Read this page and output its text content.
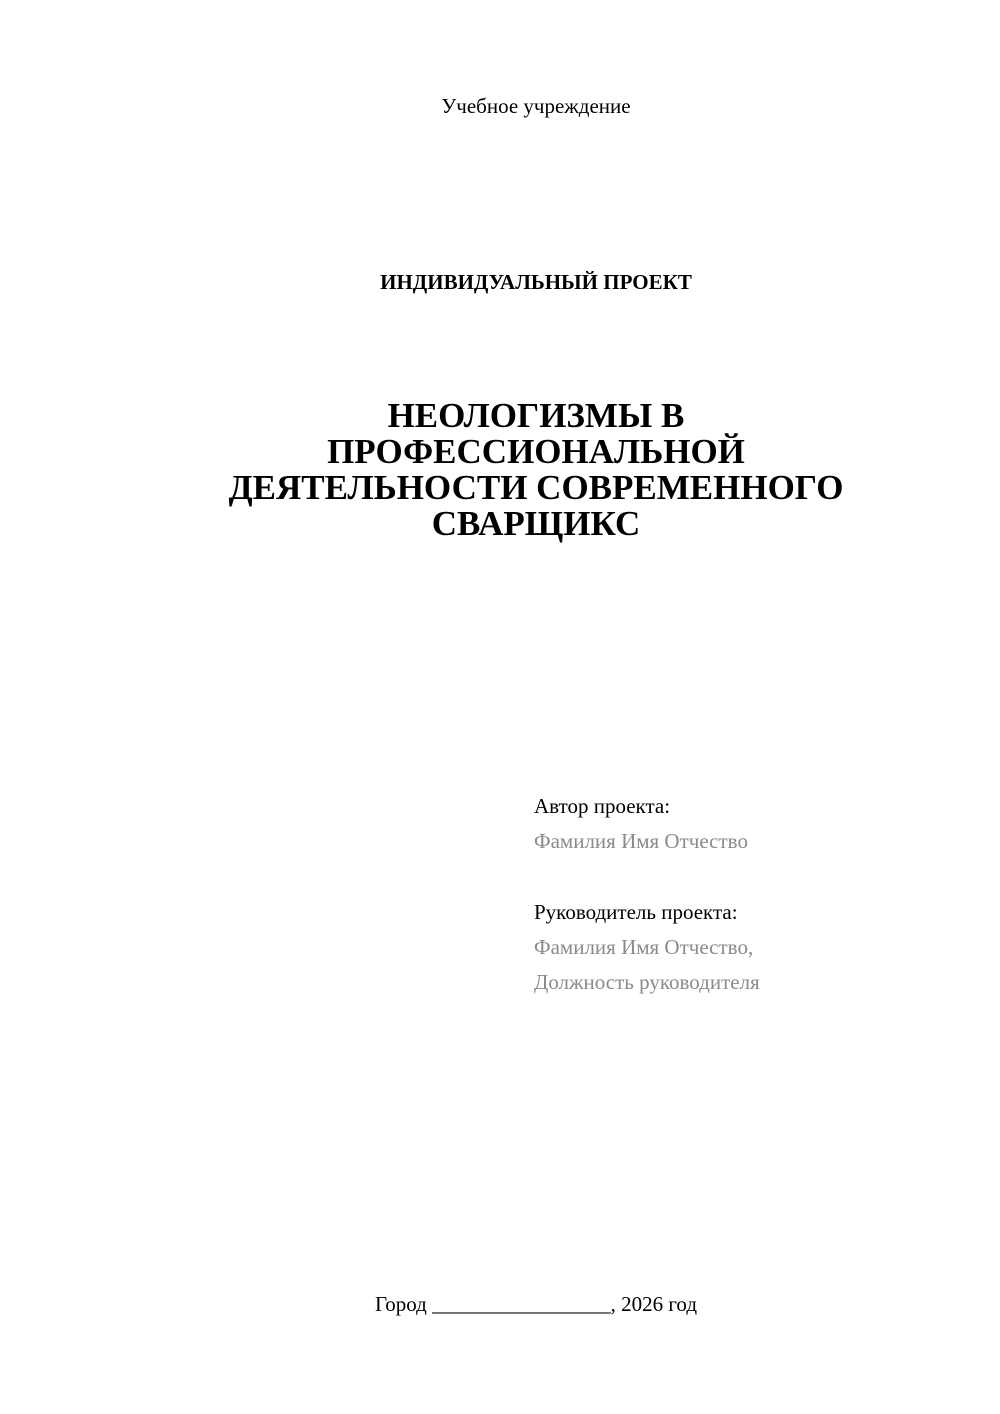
Учебное учреждение
ИНДИВИДУАЛЬНЫЙ ПРОЕКТ
НЕОЛОГИЗМЫ В
ПРОФЕССИОНАЛЬНОЙ
ДЕЯТЕЛЬНОСТИ СОВРЕМЕННОГО
СВАРЩИКС
Автор проекта:
Фамилия Имя Отчество
Руководитель проекта:
Фамилия Имя Отчество,
Должность руководителя
Город _________________, 2026 год
